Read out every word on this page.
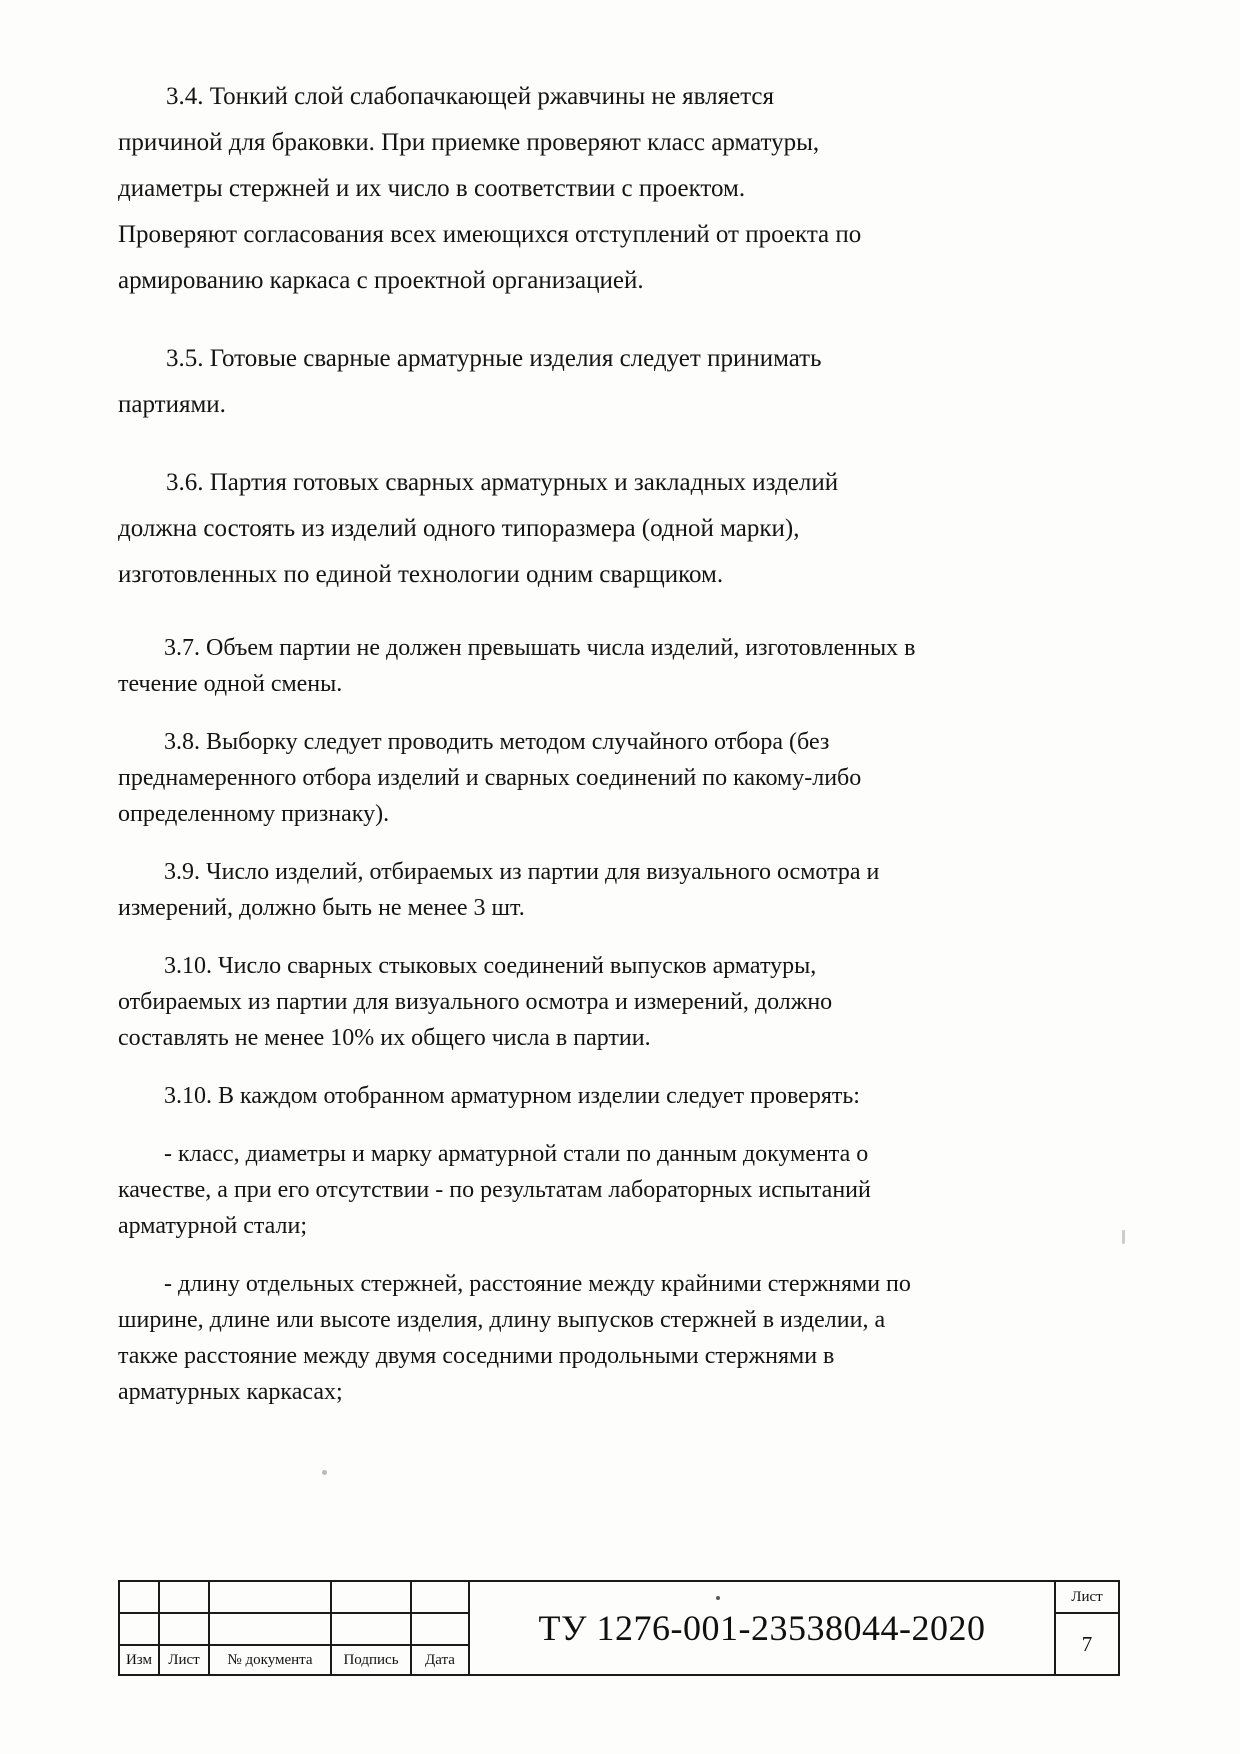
3.4. Тонкий слой слабопачкающей ржавчины не является
причиной для браковки. При приемке проверяют класс арматуры,
диаметры стержней и их число в соответствии с проектом.
Проверяют согласования всех имеющихся отступлений от проекта по
армированию каркаса с проектной организацией.

3.5. Готовые сварные арматурные изделия следует принимать
партиями.

3.6. Партия готовых сварных арматурных и закладных изделий
должна состоять из изделий одного типоразмера (одной марки),
изготовленных по единой технологии одним сварщиком.

3.7. Объем партии не должен превышать числа изделий, изготовленных в
течение одной смены.

3.8. Выборку следует проводить методом случайного отбора (без
преднамеренного отбора изделий и сварных соединений по какому-либо
определенному признаку).

3.9. Число изделий, отбираемых из партии для визуального осмотра и
измерений, должно быть не менее 3 шт.

3.10. Число сварных стыковых соединений выпусков арматуры,
отбираемых из партии для визуального осмотра и измерений, должно
составлять не менее 10% их общего числа в партии.

3.10. В каждом отобранном арматурном изделии следует проверять:

- класс, диаметры и марку арматурной стали по данным документа о
качестве, а при его отсутствии - по результатам лабораторных испытаний
арматурной стали;

- длину отдельных стержней, расстояние между крайними стержнями по
ширине, длине или высоте изделия, длину выпусков стержней в изделии, а
также расстояние между двумя соседними продольными стержнями в
арматурных каркасах;

					ТУ 1276-001-23538044-2020	Лист
						7
Изм	Лист	№ документа	Подпись	Дата		
